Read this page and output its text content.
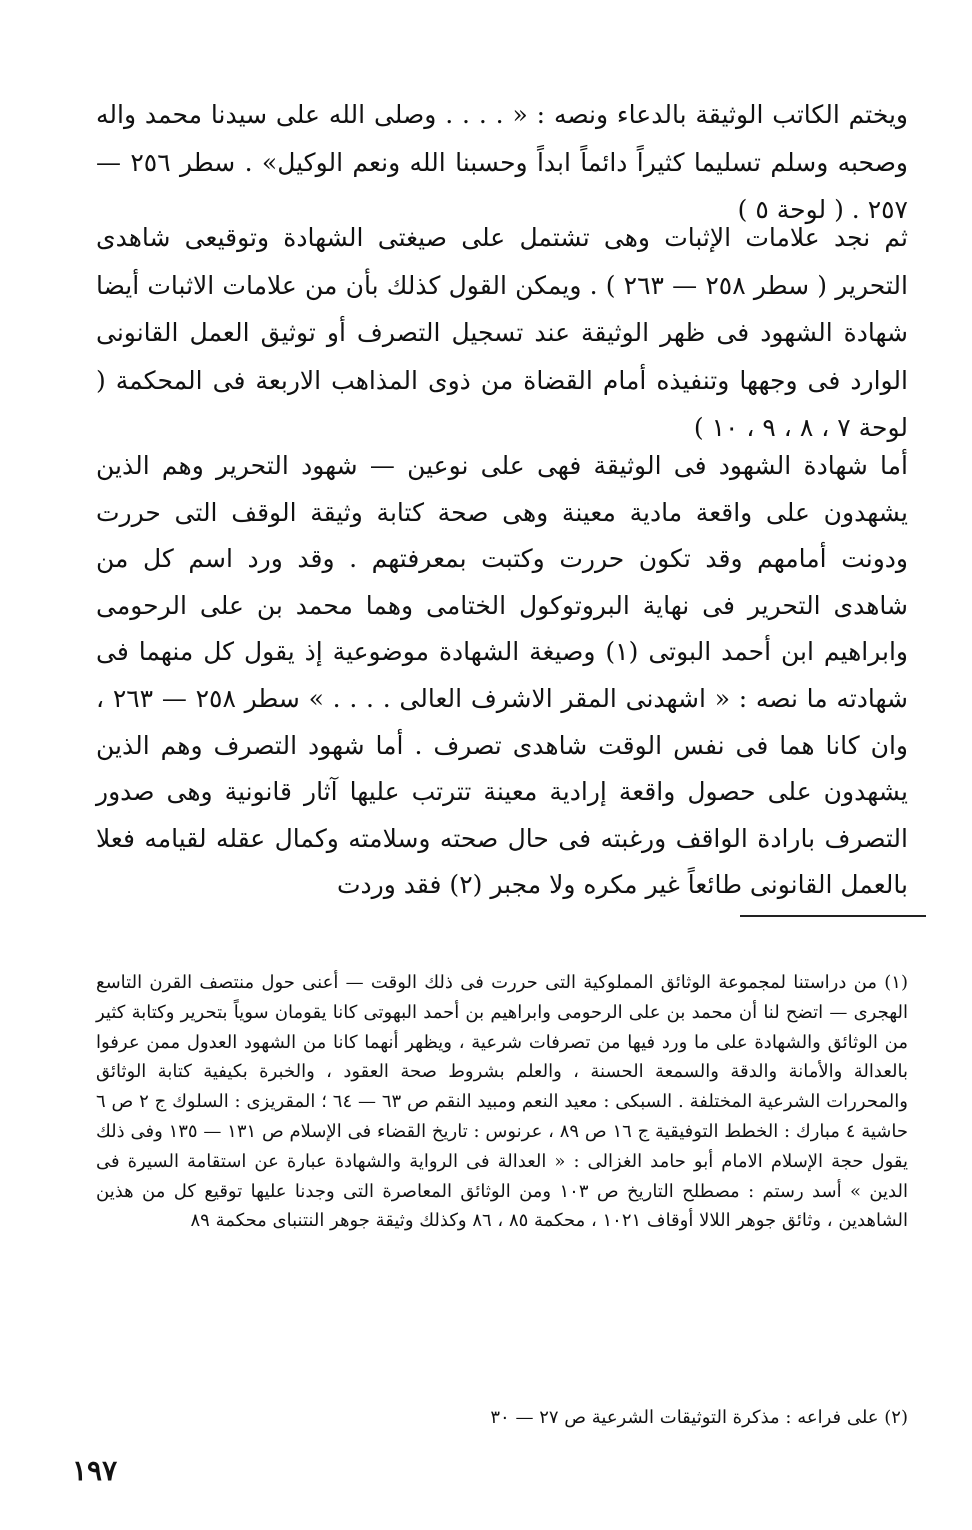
ويختم الكاتب الوثيقة بالدعاء ونصه : « . . . . وصلى الله على سيدنا محمد واله وصحبه وسلم تسليما كثيراً دائماً ابداً وحسبنا الله ونعم الوكيل» . سطر ٢٥٦ — ٢٥٧ . ( لوحة ٥ )

ثم نجد علامات الإثبات وهى تشتمل على صيغتى الشهادة وتوقيعى شاهدى التحرير ( سطر ٢٥٨ — ٢٦٣ ) . ويمكن القول كذلك بأن من علامات الاثبات أيضا شهادة الشهود فى ظهر الوثيقة عند تسجيل التصرف أو توثيق العمل القانونى الوارد فى وجهها وتنفيذه أمام القضاة من ذوى المذاهب الاربعة فى المحكمة ( لوحة ٧ ، ٨ ، ٩ ، ١٠ )

أما شهادة الشهود فى الوثيقة فهى على نوعين — شهود التحرير وهم الذين يشهدون على واقعة مادية معينة وهى صحة كتابة وثيقة الوقف التى حررت ودونت أمامهم وقد تكون حررت وكتبت بمعرفتهم . وقد ورد اسم كل من شاهدى التحرير فى نهاية البروتوكول الختامى وهما محمد بن على الرحومى وابراهيم ابن أحمد البوتى (١) وصيغة الشهادة موضوعية إذ يقول كل منهما فى شهادته ما نصه : « اشهدنى المقر الاشرف العالى . . . . » سطر ٢٥٨ — ٢٦٣ ، وان كانا هما فى نفس الوقت شاهدى تصرف . أما شهود التصرف وهم الذين يشهدون على حصول واقعة إرادية معينة تترتب عليها آثار قانونية وهى صدور التصرف بارادة الواقف ورغبته فى حال صحته وسلامته وكمال عقله لقيامه فعلا بالعمل القانونى طائعاً غير مكره ولا مجبر (٢) فقد وردت

(١) من دراستنا لمجموعة الوثائق المملوكية التى حررت فى ذلك الوقت — أعنى حول منتصف القرن التاسع الهجرى — اتضح لنا أن محمد بن على الرحومى وابراهيم بن أحمد البهوتى كانا يقومان سوياً بتحرير وكتابة كثير من الوثائق والشهادة على ما ورد فيها من تصرفات شرعية ، ويظهر أنهما كانا من الشهود العدول ممن عرفوا بالعدالة والأمانة والدقة والسمعة الحسنة ، والعلم بشروط صحة العقود ، والخبرة بكيفية كتابة الوثائق والمحررات الشرعية المختلفة . السبكى : معيد النعم ومبيد النقم ص ٦٣ — ٦٤ ؛ المقريزى : السلوك ج ٢ ص ٦ حاشية ٤ مبارك : الخطط التوفيقية ج ١٦ ص ٨٩ ، عرنوس : تاريخ القضاء فى الإسلام ص ١٣١ — ١٣٥ وفى ذلك يقول حجة الإسلام الامام أبو حامد الغزالى : « العدالة فى الرواية والشهادة عبارة عن استقامة السيرة فى الدين » أسد رستم : مصطلح التاريخ ص ١٠٣ ومن الوثائق المعاصرة التى وجدنا عليها توقيع كل من هذين الشاهدين ، وثائق جوهر اللالا أوقاف ١٠٢١ ، محكمة ٨٥ ، ٨٦ وكذلك وثيقة جوهر النتنباى محكمة ٨٩

(٢) على فراعه : مذكرة التوثيقات الشرعية ص ٢٧ — ٣٠

١٩٧
